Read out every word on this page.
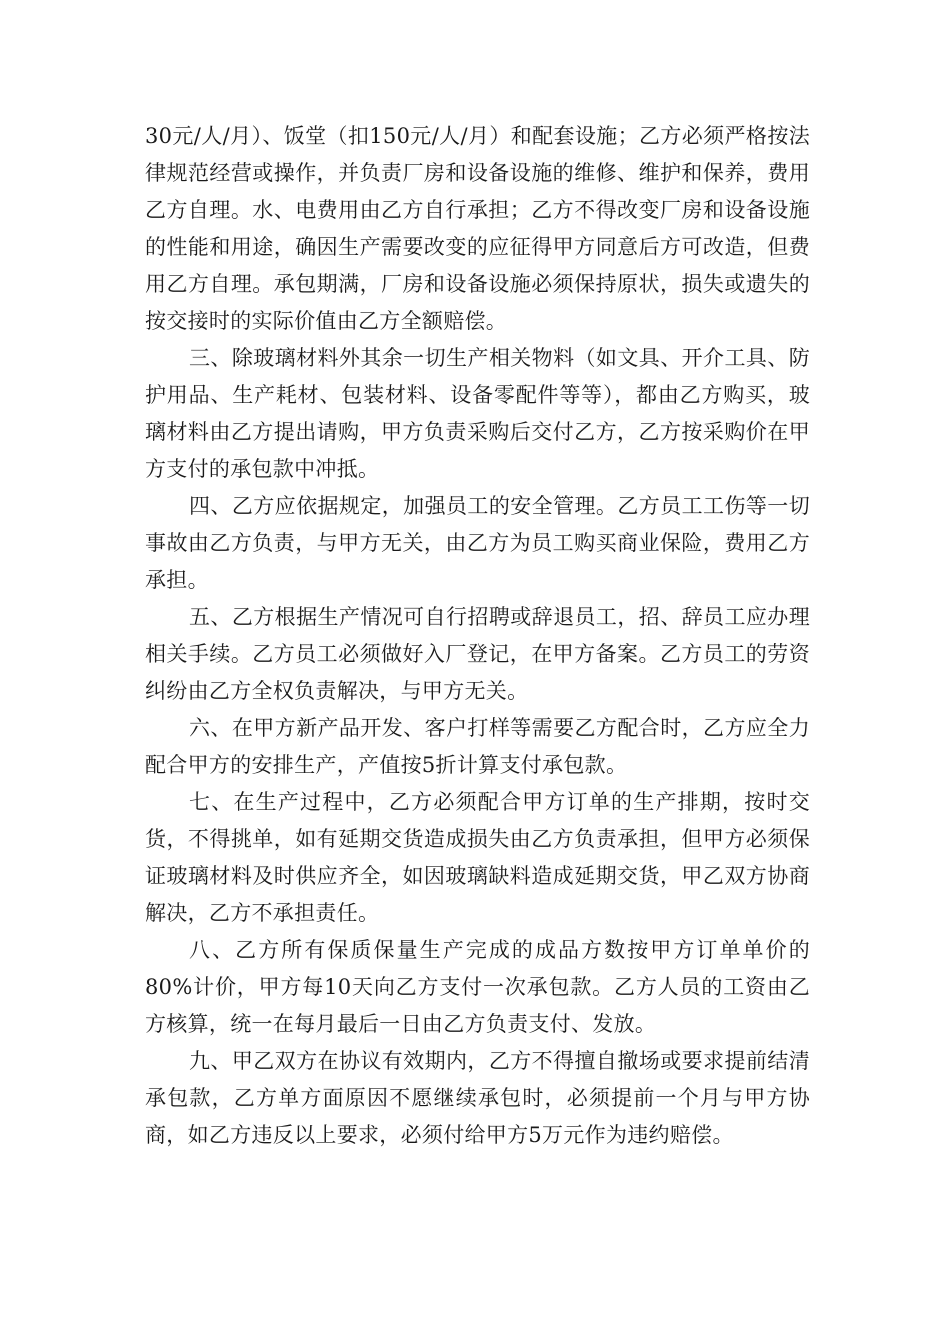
30元/人/月）、饭堂（扣150元/人/月）和配套设施；乙方必须严格按法律规范经营或操作，并负责厂房和设备设施的维修、维护和保养，费用乙方自理。水、电费用由乙方自行承担；乙方不得改变厂房和设备设施的性能和用途，确因生产需要改变的应征得甲方同意后方可改造，但费用乙方自理。承包期满，厂房和设备设施必须保持原状，损失或遗失的按交接时的实际价值由乙方全额赔偿。

三、除玻璃材料外其余一切生产相关物料（如文具、开介工具、防护用品、生产耗材、包装材料、设备零配件等等），都由乙方购买，玻璃材料由乙方提出请购，甲方负责采购后交付乙方，乙方按采购价在甲方支付的承包款中冲抵。

四、乙方应依据规定，加强员工的安全管理。乙方员工工伤等一切事故由乙方负责，与甲方无关，由乙方为员工购买商业保险，费用乙方承担。

五、乙方根据生产情况可自行招聘或辞退员工，招、辞员工应办理相关手续。乙方员工必须做好入厂登记，在甲方备案。乙方员工的劳资纠纷由乙方全权负责解决，与甲方无关。

六、在甲方新产品开发、客户打样等需要乙方配合时，乙方应全力配合甲方的安排生产，产值按5折计算支付承包款。

七、在生产过程中，乙方必须配合甲方订单的生产排期，按时交货，不得挑单，如有延期交货造成损失由乙方负责承担，但甲方必须保证玻璃材料及时供应齐全，如因玻璃缺料造成延期交货，甲乙双方协商解决，乙方不承担责任。

八、乙方所有保质保量生产完成的成品方数按甲方订单单价的80%计价，甲方每10天向乙方支付一次承包款。乙方人员的工资由乙方核算，统一在每月最后一日由乙方负责支付、发放。

九、甲乙双方在协议有效期内，乙方不得擅自撤场或要求提前结清承包款，乙方单方面原因不愿继续承包时，必须提前一个月与甲方协商，如乙方违反以上要求，必须付给甲方5万元作为违约赔偿。
